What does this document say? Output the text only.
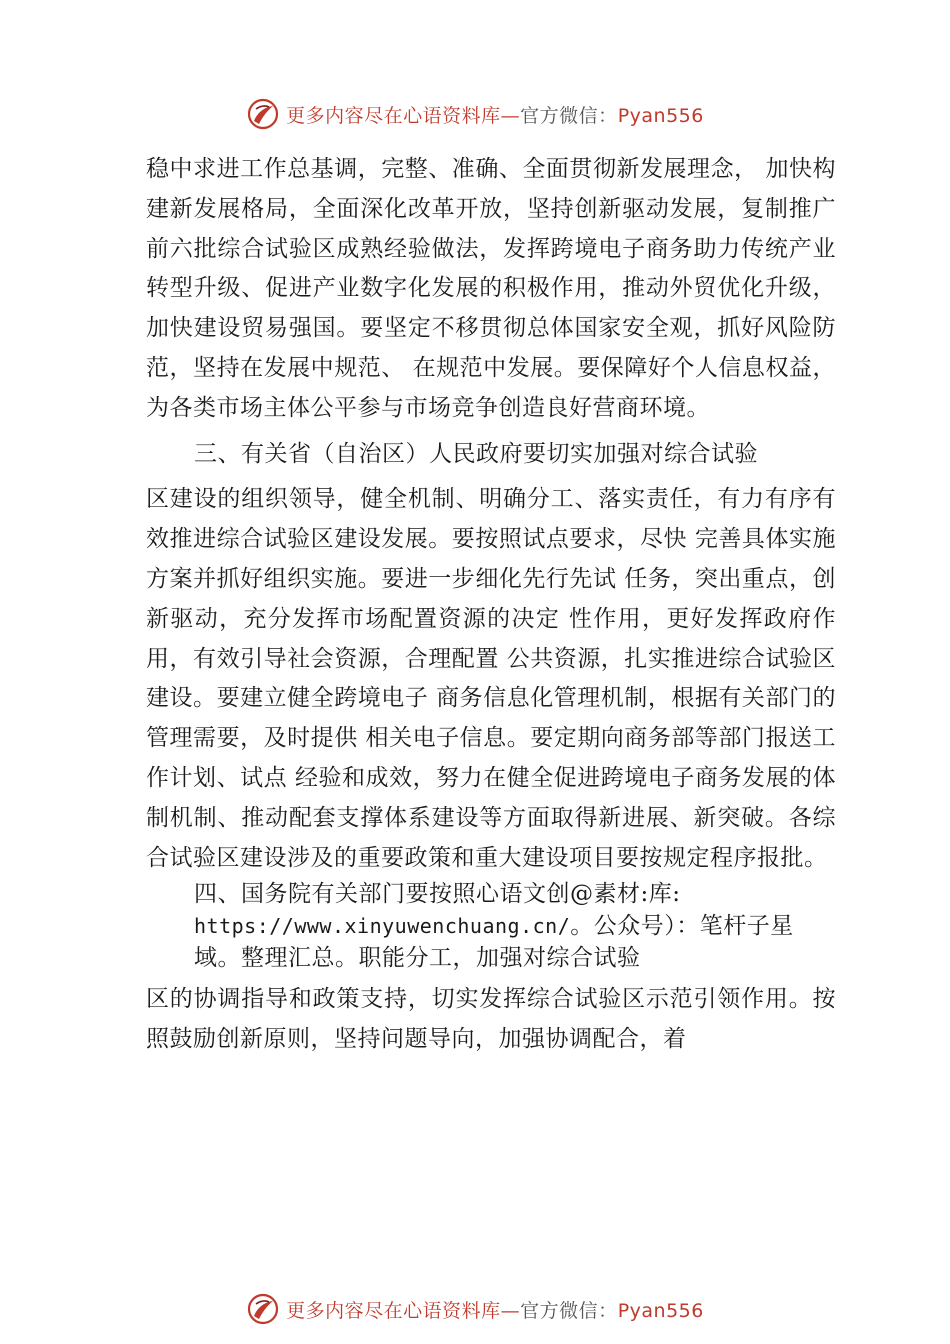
更多内容尽在心语资料库—官方微信：Pyan556

稳中求进工作总基调，完整、准确、全面贯彻新发展理念， 加快构建新发展格局，全面深化改革开放，坚持创新驱动发展，复制推广前六批综合试验区成熟经验做法，发挥跨境电子商务助力传统产业转型升级、促进产业数字化发展的积极作用，推动外贸优化升级，加快建设贸易强国。要坚定不移贯彻总体国家安全观，抓好风险防范，坚持在发展中规范、 在规范中发展。要保障好个人信息权益，为各类市场主体公平参与市场竞争创造良好营商环境。

三、有关省（自治区）人民政府要切实加强对综合试验

区建设的组织领导，健全机制、明确分工、落实责任，有力有序有效推进综合试验区建设发展。要按照试点要求，尽快 完善具体实施方案并抓好组织实施。要进一步细化先行先试 任务，突出重点，创新驱动，充分发挥市场配置资源的决定 性作用，更好发挥政府作用，有效引导社会资源，合理配置 公共资源，扎实推进综合试验区建设。要建立健全跨境电子 商务信息化管理机制，根据有关部门的管理需要，及时提供 相关电子信息。要定期向商务部等部门报送工作计划、试点 经验和成效，努力在健全促进跨境电子商务发展的体制机制、推动配套支撑体系建设等方面取得新进展、新突破。各综合试验区建设涉及的重要政策和重大建设项目要按规定程序报批。

四、国务院有关部门要按照心语文创@素材:库:
https://www.xinyuwenchuang.cn/。公众号）：笔杆子星
域。整理汇总。职能分工，加强对综合试验

区的协调指导和政策支持，切实发挥综合试验区示范引领作用。按照鼓励创新原则，坚持问题导向，加强协调配合，着

更多内容尽在心语资料库—官方微信：Pyan556
